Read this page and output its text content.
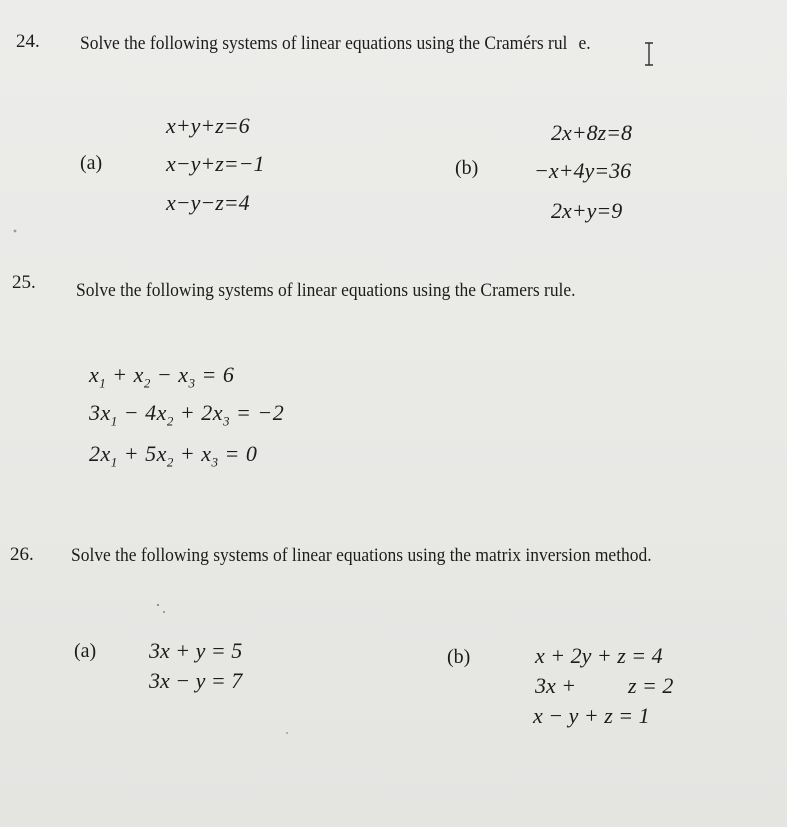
24. Solve the following systems of linear equations using the Cramérs rul e.
(a)
x+y+z=6
x−y+z=−1
x−y−z=4
(b)
2x+8z=8
−x+4y=36
2x+y=9
25. Solve the following systems of linear equations using the Cramers rule.
$x_1 + x_2 - x_3 = 6$
$3x_1 - 4x_2 + 2x_3 = -2$
$2x_1 + 5x_2 + x_3 = 0$
26. Solve the following systems of linear equations using the matrix inversion method.
(a) 3x + y = 5
3x − y = 7
(b)	x + 2y + z = 4
3x + z = 2
x − y + z = 1
